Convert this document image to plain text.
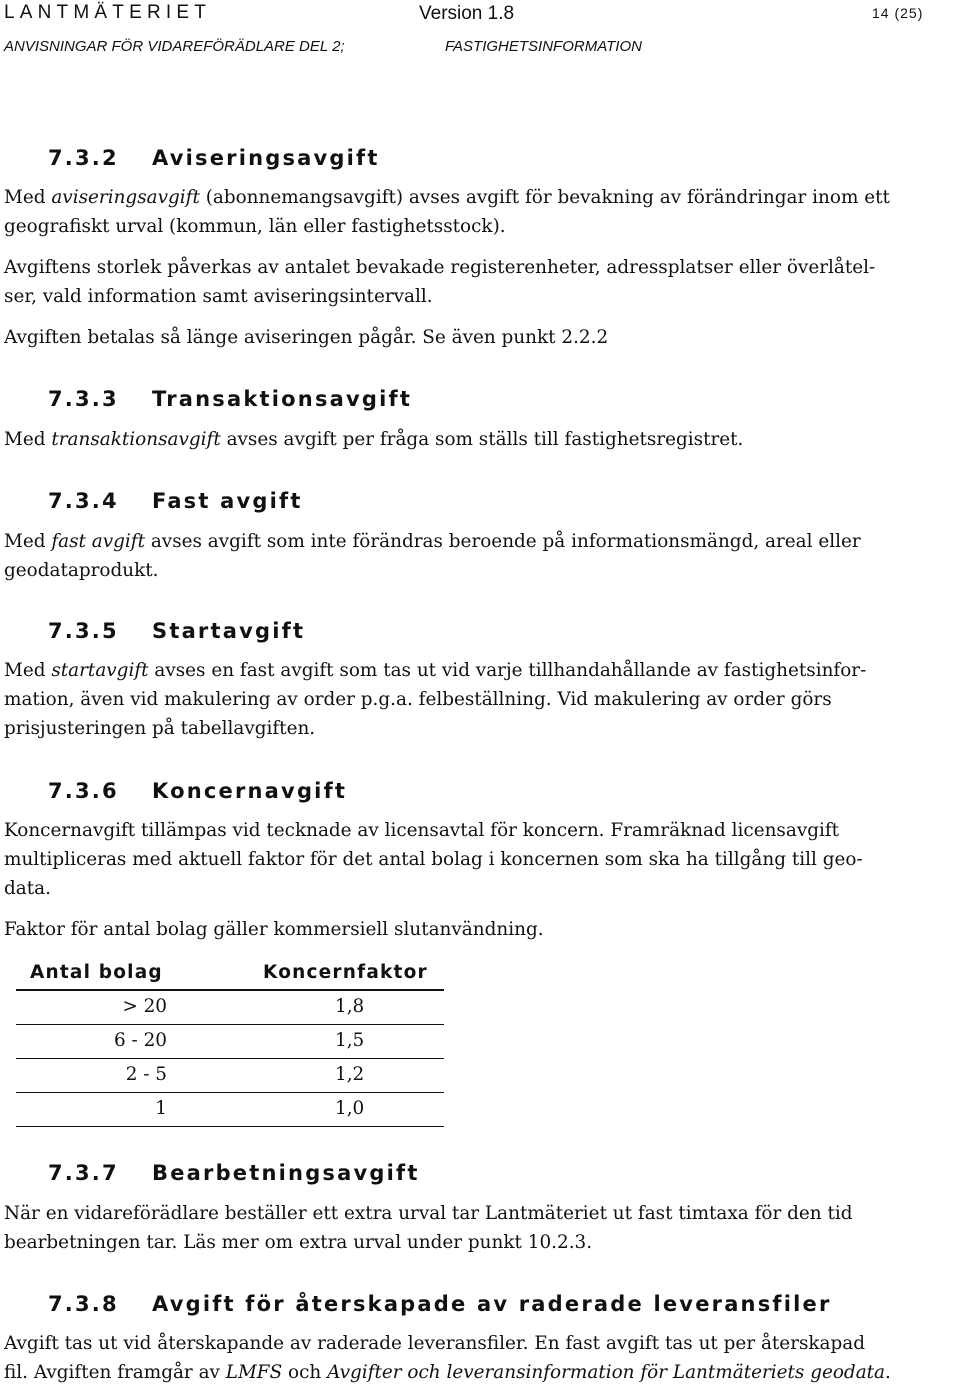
LANTMÄTERIET	Version 1.8	14 (25)
ANVISNINGAR FÖR VIDAREFÖRÄDLARE DEL 2;	FASTIGHETSINFORMATION
7.3.2 Aviseringsavgift

Med aviseringsavgift (abonnemangsavgift) avses avgift för bevakning av förändringar inom ett
geografiskt urval (kommun, län eller fastighetsstock).

Avgiftens storlek påverkas av antalet bevakade registerenheter, adressplatser eller överlåtel-
ser, vald information samt aviseringsintervall.

Avgiften betalas så länge aviseringen pågår. Se även punkt 2.2.2

7.3.3 Transaktionsavgift

Med transaktionsavgift avses avgift per fråga som ställs till fastighetsregistret.

7.3.4 Fast avgift

Med fast avgift avses avgift som inte förändras beroende på informationsmängd, areal eller
geodataprodukt.

7.3.5 Startavgift

Med startavgift avses en fast avgift som tas ut vid varje tillhandahållande av fastighetsinfor-
mation, även vid makulering av order p.g.a. felbeställning. Vid makulering av order görs
prisjusteringen på tabellavgiften.

7.3.6 Koncernavgift

Koncernavgift tillämpas vid tecknade av licensavtal för koncern. Framräknad licensavgift
multipliceras med aktuell faktor för det antal bolag i koncernen som ska ha tillgång till geo-
data.

Faktor för antal bolag gäller kommersiell slutanvändning.

Antal bolag	Koncernfaktor
> 20	1,8
6 - 20	1,5
2 - 5	1,2
1	1,0
7.3.7 Bearbetningsavgift

När en vidareförädlare beställer ett extra urval tar Lantmäteriet ut fast timtaxa för den tid
bearbetningen tar. Läs mer om extra urval under punkt 10.2.3.

7.3.8 Avgift för återskapade av raderade leveransfiler

Avgift tas ut vid återskapande av raderade leveransfiler. En fast avgift tas ut per återskapad
fil. Avgiften framgår av LMFS och Avgifter och leveransinformation för Lantmäteriets geodata.
